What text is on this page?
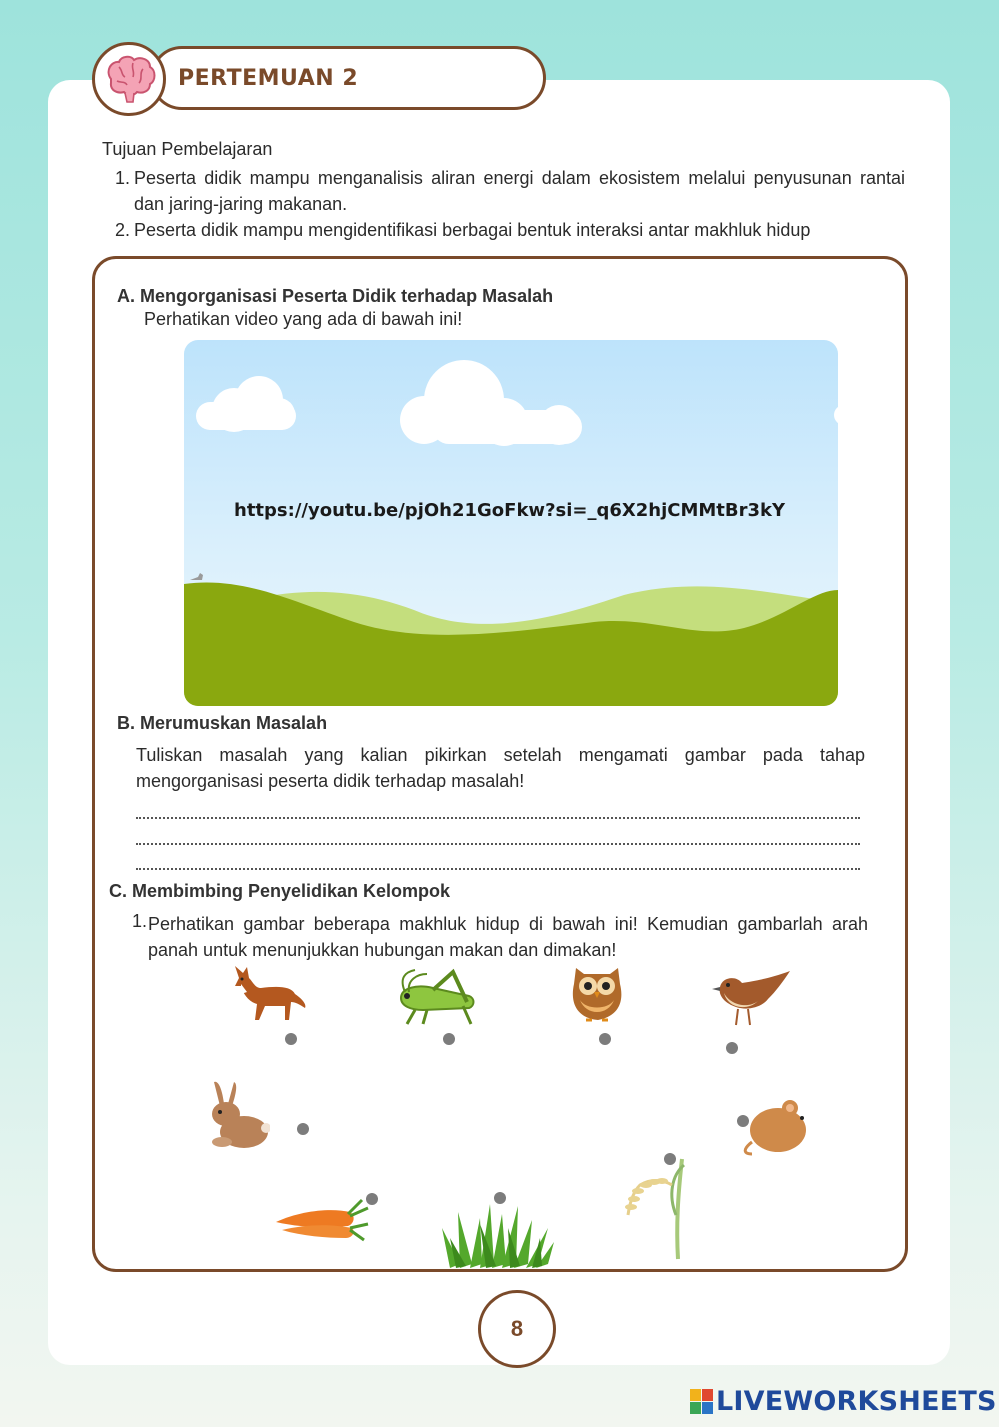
PERTEMUAN 2
Tujuan Pembelajaran
1. Peserta didik mampu menganalisis aliran energi dalam ekosistem melalui penyusunan rantai dan jaring-jaring makanan.
2. Peserta didik mampu mengidentifikasi berbagai bentuk interaksi antar makhluk hidup
A. Mengorganisasi Peserta Didik terhadap Masalah
Perhatikan video yang ada di bawah ini!
https://youtu.be/pjOh21GoFkw?si=_q6X2hjCMMtBr3kY
B. Merumuskan Masalah
Tuliskan masalah yang kalian pikirkan setelah mengamati gambar pada tahap mengorganisasi peserta didik terhadap masalah!
C. Membimbing Penyelidikan Kelompok
1. Perhatikan gambar beberapa makhluk hidup di bawah ini! Kemudian gambarlah arah panah untuk menunjukkan hubungan makan dan dimakan!
8
LIVEWORKSHEETS
